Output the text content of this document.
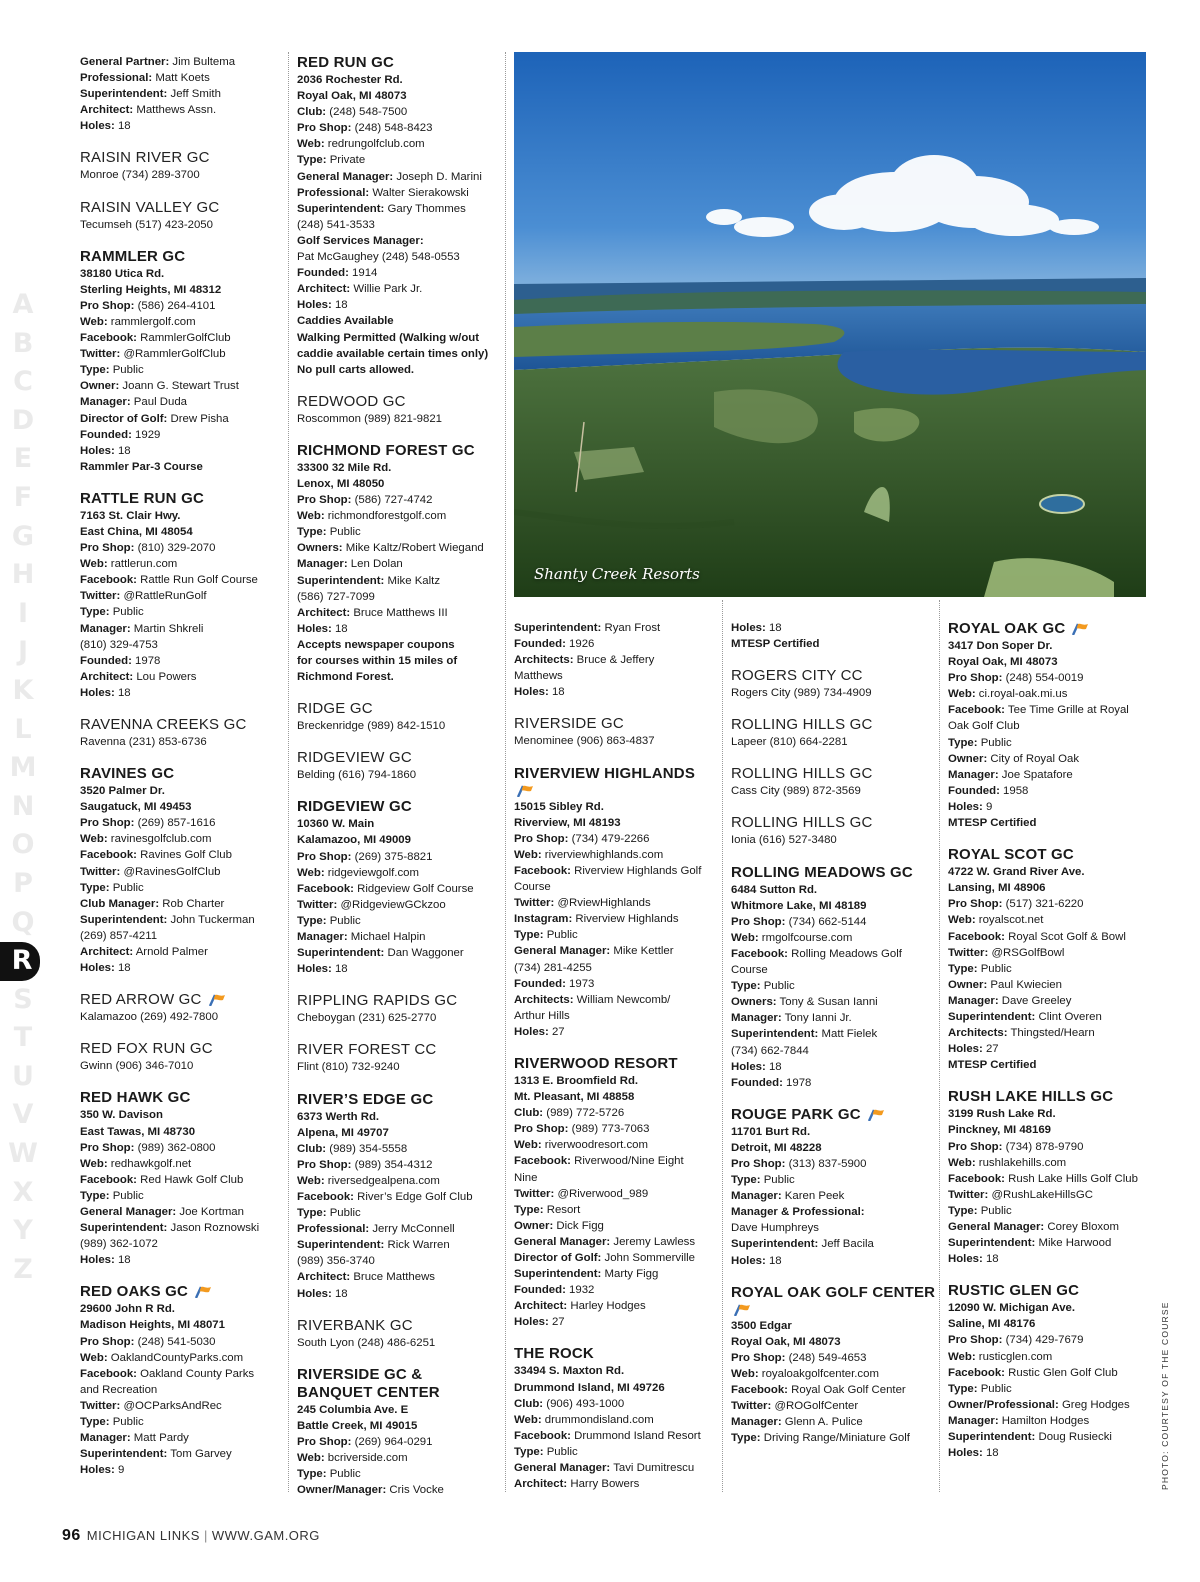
A
B
C
D
E
F
G
H
I
J
K
L
M
N
O
P
Q
R
S
T
U
V
W
X
Y
Z
General Partner: Jim Bultema
Professional: Matt Koets
Superintendent: Jeff Smith
Architect: Matthews Assn.
Holes: 18
RAISIN RIVER GC
Monroe (734) 289-3700
RAISIN VALLEY GC
Tecumseh (517) 423-2050
RAMMLER GC
38180 Utica Rd.
Sterling Heights, MI 48312
Pro Shop: (586) 264-4101
Web: rammlergolf.com
Facebook: RammlerGolfClub
Twitter: @RammlerGolfClub
Type: Public
Owner: Joann G. Stewart Trust
Manager: Paul Duda
Director of Golf: Drew Pisha
Founded: 1929
Holes: 18
Rammler Par-3 Course
RATTLE RUN GC
7163 St. Clair Hwy.
East China, MI 48054
Pro Shop: (810) 329-2070
Web: rattlerun.com
Facebook: Rattle Run Golf Course
Twitter: @RattleRunGolf
Type: Public
Manager: Martin Shkreli
(810) 329-4753
Founded: 1978
Architect: Lou Powers
Holes: 18
RAVENNA CREEKS GC
Ravenna (231) 853-6736
RAVINES GC
3520 Palmer Dr.
Saugatuck, MI 49453
Pro Shop: (269) 857-1616
Web: ravinesgolfclub.com
Facebook: Ravines Golf Club
Twitter: @RavinesGolfClub
Type: Public
Club Manager: Rob Charter
Superintendent: John Tuckerman
(269) 857-4211
Architect: Arnold Palmer
Holes: 18
RED ARROW GC
Kalamazoo (269) 492-7800
RED FOX RUN GC
Gwinn (906) 346-7010
RED HAWK GC
350 W. Davison
East Tawas, MI 48730
Pro Shop: (989) 362-0800
Web: redhawkgolf.net
Facebook: Red Hawk Golf Club
Type: Public
General Manager: Joe Kortman
Superintendent: Jason Roznowski
(989) 362-1072
Holes: 18
RED OAKS GC
29600 John R Rd.
Madison Heights, MI 48071
Pro Shop: (248) 541-5030
Web: OaklandCountyParks.com
Facebook: Oakland County Parks
and Recreation
Twitter: @OCParksAndRec
Type: Public
Manager: Matt Pardy
Superintendent: Tom Garvey
Holes: 9
RED RUN GC
2036 Rochester Rd.
Royal Oak, MI 48073
Club: (248) 548-7500
Pro Shop: (248) 548-8423
Web: redrungolfclub.com
Type: Private
General Manager: Joseph D. Marini
Professional: Walter Sierakowski
Superintendent: Gary Thommes
(248) 541-3533
Golf Services Manager:
Pat McGaughey (248) 548-0553
Founded: 1914
Architect: Willie Park Jr.
Holes: 18
Caddies Available
Walking Permitted (Walking w/out
caddie available certain times only)
No pull carts allowed.
REDWOOD GC
Roscommon (989) 821-9821
RICHMOND FOREST GC
33300 32 Mile Rd.
Lenox, MI 48050
Pro Shop: (586) 727-4742
Web: richmondforestgolf.com
Type: Public
Owners: Mike Kaltz/Robert Wiegand
Manager: Len Dolan
Superintendent: Mike Kaltz
(586) 727-7099
Architect: Bruce Matthews III
Holes: 18
Accepts newspaper coupons
for courses within 15 miles of
Richmond Forest.
RIDGE GC
Breckenridge (989) 842-1510
RIDGEVIEW GC
Belding (616) 794-1860
RIDGEVIEW GC
10360 W. Main
Kalamazoo, MI 49009
Pro Shop: (269) 375-8821
Web: ridgeviewgolf.com
Facebook: Ridgeview Golf Course
Twitter: @RidgeviewGCkzoo
Type: Public
Manager: Michael Halpin
Superintendent: Dan Waggoner
Holes: 18
RIPPLING RAPIDS GC
Cheboygan (231) 625-2770
RIVER FOREST CC
Flint (810) 732-9240
RIVER’S EDGE GC
6373 Werth Rd.
Alpena, MI 49707
Club: (989) 354-5558
Pro Shop: (989) 354-4312
Web: riversedgealpena.com
Facebook: River’s Edge Golf Club
Type: Public
Professional: Jerry McConnell
Superintendent: Rick Warren
(989) 356-3740
Architect: Bruce Matthews
Holes: 18
RIVERBANK GC
South Lyon (248) 486-6251
RIVERSIDE GC &
BANQUET CENTER
245 Columbia Ave. E
Battle Creek, MI 49015
Pro Shop: (269) 964-0291
Web: bcriverside.com
Type: Public
Owner/Manager: Cris Vocke
Superintendent: Ryan Frost
Founded: 1926
Architects: Bruce & Jeffery
Matthews
Holes: 18
RIVERSIDE GC
Menominee (906) 863-4837
RIVERVIEW HIGHLANDS
15015 Sibley Rd.
Riverview, MI 48193
Pro Shop: (734) 479-2266
Web: riverviewhighlands.com
Facebook: Riverview Highlands Golf
Course
Twitter: @RviewHighlands
Instagram: Riverview Highlands
Type: Public
General Manager: Mike Kettler
(734) 281-4255
Founded: 1973
Architects: William Newcomb/
Arthur Hills
Holes: 27
RIVERWOOD RESORT
1313 E. Broomfield Rd.
Mt. Pleasant, MI 48858
Club: (989) 772-5726
Pro Shop: (989) 773-7063
Web: riverwoodresort.com
Facebook: Riverwood/Nine Eight
Nine
Twitter: @Riverwood_989
Type: Resort
Owner: Dick Figg
General Manager: Jeremy Lawless
Director of Golf: John Sommerville
Superintendent: Marty Figg
Founded: 1932
Architect: Harley Hodges
Holes: 27
THE ROCK
33494 S. Maxton Rd.
Drummond Island, MI 49726
Club: (906) 493-1000
Web: drummondisland.com
Facebook: Drummond Island Resort
Type: Public
General Manager: Tavi Dumitrescu
Architect: Harry Bowers
Holes: 18
MTESP Certified
ROGERS CITY CC
Rogers City (989) 734-4909
ROLLING HILLS GC
Lapeer (810) 664-2281
ROLLING HILLS GC
Cass City (989) 872-3569
ROLLING HILLS GC
Ionia (616) 527-3480
ROLLING MEADOWS GC
6484 Sutton Rd.
Whitmore Lake, MI 48189
Pro Shop: (734) 662-5144
Web: rmgolfcourse.com
Facebook: Rolling Meadows Golf
Course
Type: Public
Owners: Tony & Susan Ianni
Manager: Tony Ianni Jr.
Superintendent: Matt Fielek
(734) 662-7844
Holes: 18
Founded: 1978
ROUGE PARK GC
11701 Burt Rd.
Detroit, MI 48228
Pro Shop: (313) 837-5900
Type: Public
Manager: Karen Peek
Manager & Professional:
Dave Humphreys
Superintendent: Jeff Bacila
Holes: 18
ROYAL OAK GOLF CENTER
3500 Edgar
Royal Oak, MI 48073
Pro Shop: (248) 549-4653
Web: royaloakgolfcenter.com
Facebook: Royal Oak Golf Center
Twitter: @ROGolfCenter
Manager: Glenn A. Pulice
Type: Driving Range/Miniature Golf
ROYAL OAK GC
3417 Don Soper Dr.
Royal Oak, MI 48073
Pro Shop: (248) 554-0019
Web: ci.royal-oak.mi.us
Facebook: Tee Time Grille at Royal
Oak Golf Club
Type: Public
Owner: City of Royal Oak
Manager: Joe Spatafore
Founded: 1958
Holes: 9
MTESP Certified
ROYAL SCOT GC
4722 W. Grand River Ave.
Lansing, MI 48906
Pro Shop: (517) 321-6220
Web: royalscot.net
Facebook: Royal Scot Golf & Bowl
Twitter: @RSGolfBowl
Type: Public
Owner: Paul Kwiecien
Manager: Dave Greeley
Superintendent: Clint Overen
Architects: Thingsted/Hearn
Holes: 27
MTESP Certified
RUSH LAKE HILLS GC
3199 Rush Lake Rd.
Pinckney, MI 48169
Pro Shop: (734) 878-9790
Web: rushlakehills.com
Facebook: Rush Lake Hills Golf Club
Twitter: @RushLakeHillsGC
Type: Public
General Manager: Corey Bloxom
Superintendent: Mike Harwood
Holes: 18
RUSTIC GLEN GC
12090 W. Michigan Ave.
Saline, MI 48176
Pro Shop: (734) 429-7679
Web: rusticglen.com
Facebook: Rustic Glen Golf Club
Type: Public
Owner/Professional: Greg Hodges
Manager: Hamilton Hodges
Superintendent: Doug Rusiecki
Holes: 18
Shanty Creek Resorts
96 MICHIGAN LINKS | WWW.GAM.ORG
PHOTO: COURTESY OF THE COURSE
